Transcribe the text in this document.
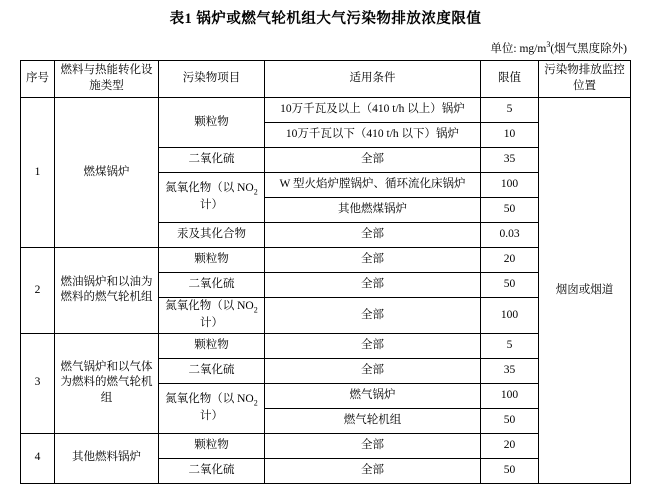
表1 锅炉或燃气轮机组大气污染物排放浓度限值
单位: $mg/m^3$(烟气黑度除外)
序号	燃料与热能转化设施类型	污染物项目	适用条件	限值	污染物排放监控位置
1	燃煤锅炉	颗粒物	10万千瓦及以上（410 t/h 以上）锅炉	5	烟囱或烟道
			10万千瓦以下（410 t/h 以下）锅炉	10	
		二氧化硫	全部	35	
		氮氧化物（以 $NO_2$计）	W 型火焰炉膛锅炉、循环流化床锅炉	100	
			其他燃煤锅炉	50	
		汞及其化合物	全部	0.03	
2	燃油锅炉和以油为燃料的燃气轮机组	颗粒物	全部	20	
		二氧化硫	全部	50	
		氮氧化物（以 $NO_2$计）	全部	100	
3	燃气锅炉和以气体为燃料的燃气轮机组	颗粒物	全部	5	
		二氧化硫	全部	35	
		氮氧化物（以 $NO_2$计）	燃气锅炉	100	
			燃气轮机组	50	
4	其他燃料锅炉	颗粒物	全部	20	
		二氧化硫	全部	50	
